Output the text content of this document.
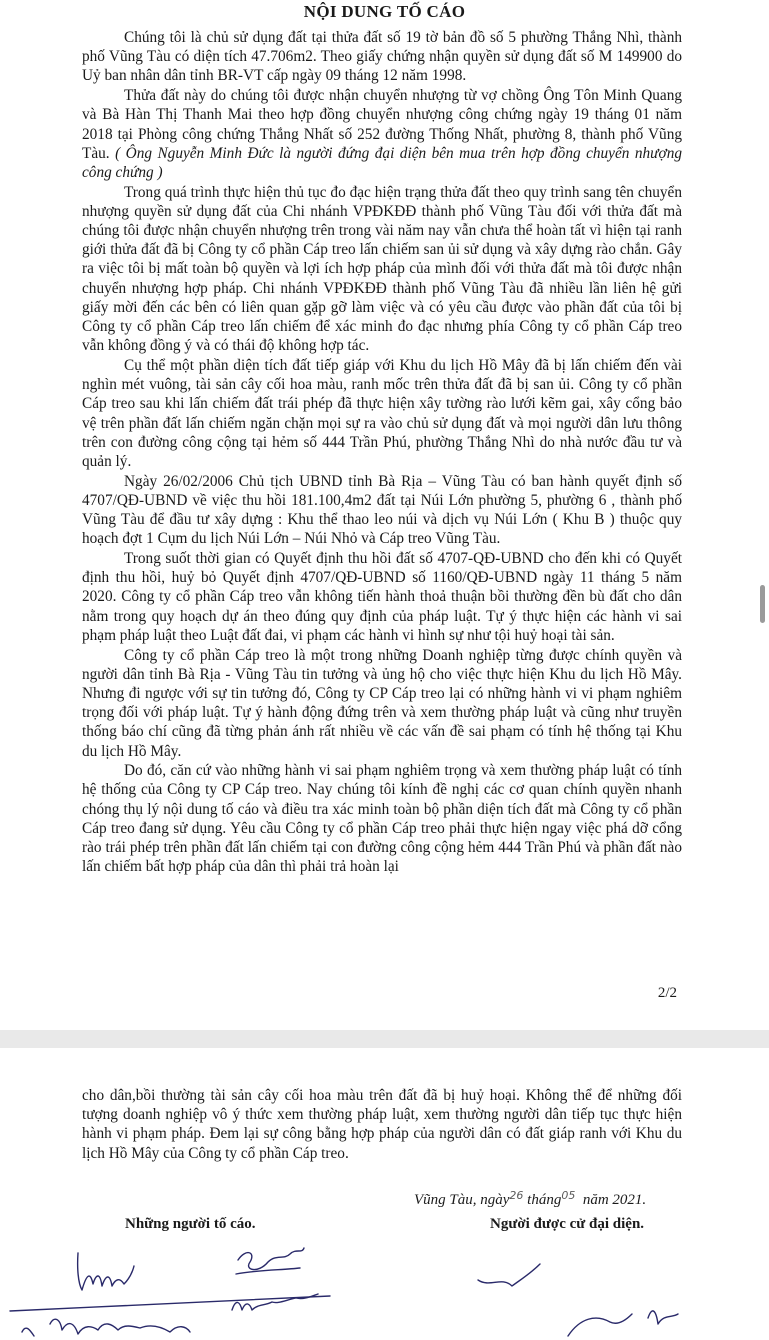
NỘI DUNG TỐ CÁO

Chúng tôi là chủ sử dụng đất tại thửa đất số 19 tờ bản đồ số 5 phường Thắng Nhì, thành phố Vũng Tàu có diện tích 47.706m2. Theo giấy chứng nhận quyền sử dụng đất số M 149900 do Uỷ ban nhân dân tỉnh BR-VT cấp ngày 09 tháng 12 năm 1998.

Thửa đất này do chúng tôi được nhận chuyển nhượng từ vợ chồng Ông Tôn Minh Quang và Bà Hàn Thị Thanh Mai theo hợp đồng chuyển nhượng công chứng ngày 19 tháng 01 năm 2018 tại Phòng công chứng Thắng Nhất số 252 đường Thống Nhất, phường 8, thành phố Vũng Tàu. ( Ông Nguyễn Minh Đức là người đứng đại diện bên mua trên hợp đồng chuyển nhượng công chứng )

Trong quá trình thực hiện thủ tục đo đạc hiện trạng thửa đất theo quy trình sang tên chuyển nhượng quyền sử dụng đất của Chi nhánh VPĐKĐĐ thành phố Vũng Tàu đối với thửa đất mà chúng tôi được nhận chuyển nhượng trên trong vài năm nay vẫn chưa thể hoàn tất vì hiện tại ranh giới thửa đất đã bị Công ty cổ phần Cáp treo lấn chiếm san ủi sử dụng và xây dựng rào chắn. Gây ra việc tôi bị mất toàn bộ quyền và lợi ích hợp pháp của mình đối với thửa đất mà tôi được nhận chuyển nhượng hợp pháp. Chi nhánh VPĐKĐĐ thành phố Vũng Tàu đã nhiều lần liên hệ gửi giấy mời đến các bên có liên quan gặp gỡ làm việc và có yêu cầu được vào phần đất của tôi bị Công ty cổ phần Cáp treo lấn chiếm để xác minh đo đạc nhưng phía Công ty cổ phần Cáp treo vẫn không đồng ý và có thái độ không hợp tác.

Cụ thể một phần diện tích đất tiếp giáp với Khu du lịch Hồ Mây đã bị lấn chiếm đến vài nghìn mét vuông, tài sản cây cối hoa màu, ranh mốc trên thửa đất đã bị san ủi. Công ty cổ phần Cáp treo sau khi lấn chiếm đất trái phép đã thực hiện xây tường rào lưới kẽm gai, xây cổng bảo vệ trên phần đất lấn chiếm ngăn chặn mọi sự ra vào chủ sử dụng đất và mọi người dân lưu thông trên con đường công cộng tại hẻm số 444 Trần Phú, phường Thắng Nhì do nhà nước đầu tư và quản lý.

Ngày 26/02/2006 Chủ tịch UBND tỉnh Bà Rịa – Vũng Tàu có ban hành quyết định số 4707/QĐ-UBND về việc thu hồi 181.100,4m2 đất tại Núi Lớn phường 5, phường 6 , thành phố Vũng Tàu để đầu tư xây dựng : Khu thể thao leo núi và dịch vụ Núi Lớn ( Khu B ) thuộc quy hoạch đợt 1 Cụm du lịch Núi Lớn – Núi Nhỏ và Cáp treo Vũng Tàu.

Trong suốt thời gian có Quyết định thu hồi đất số 4707-QĐ-UBND cho đến khi có Quyết định thu hồi, huỷ bỏ Quyết định 4707/QĐ-UBND số 1160/QĐ-UBND ngày 11 tháng 5 năm 2020. Công ty cổ phần Cáp treo vẫn không tiến hành thoả thuận bồi thường đền bù đất cho dân nằm trong quy hoạch dự án theo đúng quy định của pháp luật. Tự ý thực hiện các hành vi sai phạm pháp luật theo Luật đất đai, vi phạm các hành vi hình sự như tội huỷ hoại tài sản.

Công ty cổ phần Cáp treo là một trong những Doanh nghiệp từng được chính quyền và người dân tỉnh Bà Rịa - Vũng Tàu tin tưởng và ủng hộ cho việc thực hiện Khu du lịch Hồ Mây. Nhưng đi ngược với sự tin tưởng đó, Công ty CP Cáp treo lại có những hành vi vi phạm nghiêm trọng đối với pháp luật. Tự ý hành động đứng trên và xem thường pháp luật và cũng như truyền thống báo chí cũng đã từng phản ánh rất nhiều về các vấn đề sai phạm có tính hệ thống tại Khu du lịch Hồ Mây.

Do đó, căn cứ vào những hành vi sai phạm nghiêm trọng và xem thường pháp luật có tính hệ thống của Công ty CP Cáp treo. Nay chúng tôi kính đề nghị các cơ quan chính quyền nhanh chóng thụ lý nội dung tố cáo và điều tra xác minh toàn bộ phần diện tích đất mà Công ty cổ phần Cáp treo đang sử dụng. Yêu cầu Công ty cổ phần Cáp treo phải thực hiện ngay việc phá dỡ cổng rào trái phép trên phần đất lấn chiếm tại con đường công cộng hẻm 444 Trần Phú và phần đất nào lấn chiếm bất hợp pháp của dân thì phải trả hoàn lại

2/2

cho dân,bồi thường tài sản cây cối hoa màu trên đất đã bị huỷ hoại. Không thể để những đối tượng doanh nghiệp vô ý thức xem thường pháp luật, xem thường người dân tiếp tục thực hiện hành vi phạm pháp. Đem lại sự công bằng hợp pháp của người dân có đất giáp ranh với Khu du lịch Hồ Mây của Công ty cổ phần Cáp treo.

Vũng Tàu, ngày$^{26}$ tháng$^{05}$ năm 2021.
Những người tố cáo.	Người được cử đại diện.
